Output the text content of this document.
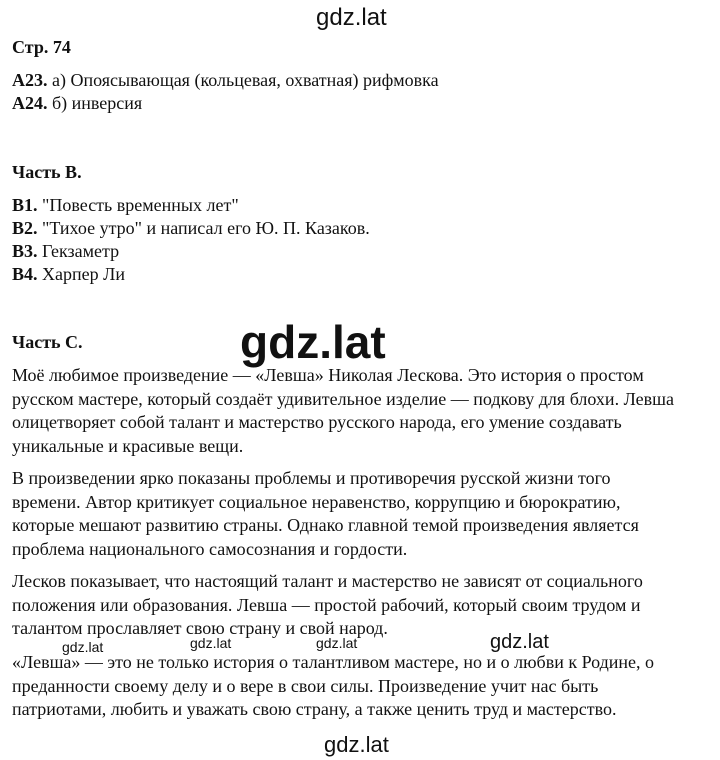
gdz.lat
Стр. 74
А23. а) Опоясывающая (кольцевая, охватная) рифмовка
А24. б) инверсия
Часть В.
В1. "Повесть временных лет"
В2. "Тихое утро" и написал его Ю. П. Казаков.
В3. Гекзаметр
В4. Харпер Ли
Часть С.
Моё любимое произведение — «Левша» Николая Лескова. Это история о простом
русском мастере, который создаёт удивительное изделие — подкову для блохи. Левша
олицетворяет собой талант и мастерство русского народа, его умение создавать
уникальные и красивые вещи.
В произведении ярко показаны проблемы и противоречия русской жизни того
времени. Автор критикует социальное неравенство, коррупцию и бюрократию,
которые мешают развитию страны. Однако главной темой произведения является
проблема национального самосознания и гордости.
Лесков показывает, что настоящий талант и мастерство не зависят от социального
положения или образования. Левша — простой рабочий, который своим трудом и
талантом прославляет свою страну и свой народ.
«Левша» — это не только история о талантливом мастере, но и о любви к Родине, о
преданности своему делу и о вере в свои силы. Произведение учит нас быть
патриотами, любить и уважать свою страну, а также ценить труд и мастерство.
gdz.lat
gdz.lat	gdz.lat	gdz.lat	gdz.lat
gdz.lat
